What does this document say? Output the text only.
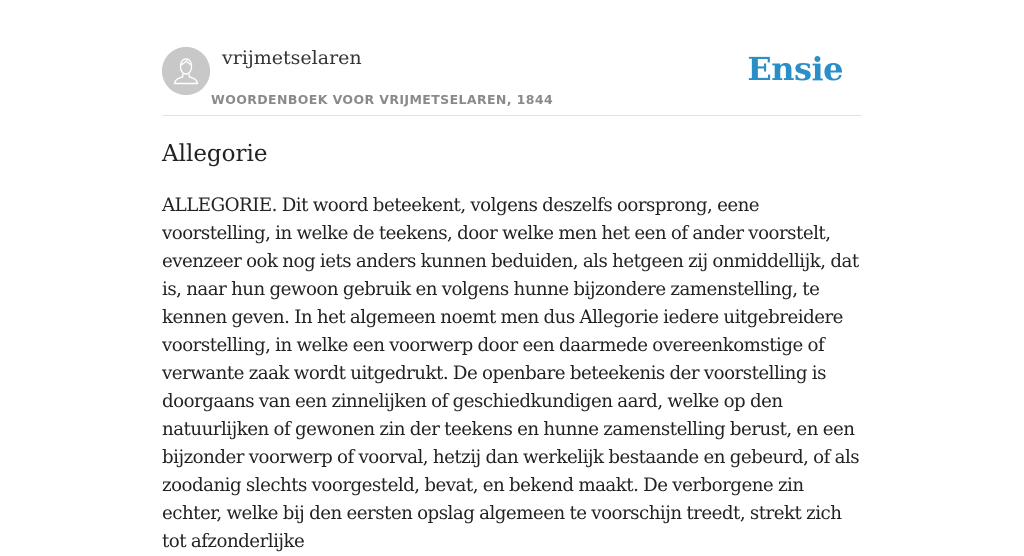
vrijmetselaren
WOORDENBOEK VOOR VRIJMETSELAREN, 1844
Ensie
Allegorie

ALLEGORIE. Dit woord beteekent, volgens deszelfs oorsprong, eene voorstelling, in welke de teekens, door welke men het een of ander voorstelt, evenzeer ook nog iets anders kunnen beduiden, als hetgeen zij onmiddellijk, dat is, naar hun gewoon gebruik en volgens hunne bijzondere zamenstelling, te kennen geven. In het algemeen noemt men dus Allegorie iedere uitgebreidere voorstelling, in welke een voorwerp door een daarmede overeenkomstige of verwante zaak wordt uitgedrukt. De openbare beteekenis der voorstelling is doorgaans van een zinnelijken of geschiedkundigen aard, welke op den natuurlijken of gewonen zin der teekens en hunne zamenstelling berust, en een bijzonder voorwerp of voorval, hetzij dan werkelijk bestaande en gebeurd, of als zoodanig slechts voorgesteld, bevat, en bekend maakt. De verborgene zin echter, welke bij den eersten opslag algemeen te voorschijn treedt, strekt zich tot afzonderlijke
